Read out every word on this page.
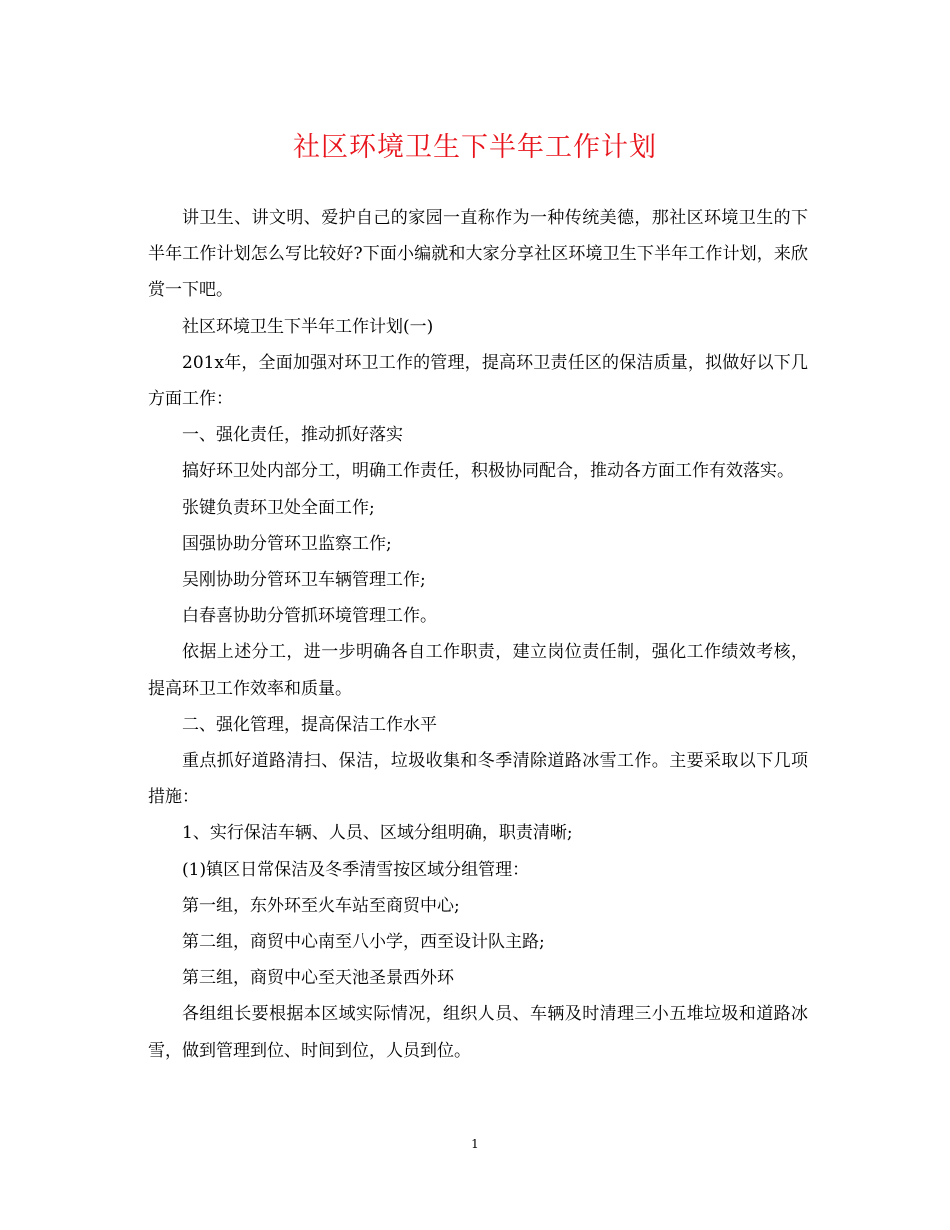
社区环境卫生下半年工作计划

讲卫生、讲文明、爱护自己的家园一直称作为一种传统美德，那社区环境卫生的下半年工作计划怎么写比较好?下面小编就和大家分享社区环境卫生下半年工作计划，来欣赏一下吧。

社区环境卫生下半年工作计划(一)

201x年，全面加强对环卫工作的管理，提高环卫责任区的保洁质量，拟做好以下几方面工作：

一、强化责任，推动抓好落实

搞好环卫处内部分工，明确工作责任，积极协同配合，推动各方面工作有效落实。

张键负责环卫处全面工作;

国强协助分管环卫监察工作;

吴刚协助分管环卫车辆管理工作;

白春喜协助分管抓环境管理工作。

依据上述分工，进一步明确各自工作职责，建立岗位责任制，强化工作绩效考核，提高环卫工作效率和质量。

二、强化管理，提高保洁工作水平

重点抓好道路清扫、保洁，垃圾收集和冬季清除道路冰雪工作。主要采取以下几项措施：

1、实行保洁车辆、人员、区域分组明确，职责清晰;

(1)镇区日常保洁及冬季清雪按区域分组管理：

第一组，东外环至火车站至商贸中心;

第二组，商贸中心南至八小学，西至设计队主路;

第三组，商贸中心至天池圣景西外环

各组组长要根据本区域实际情况，组织人员、车辆及时清理三小五堆垃圾和道路冰雪，做到管理到位、时间到位，人员到位。

1
